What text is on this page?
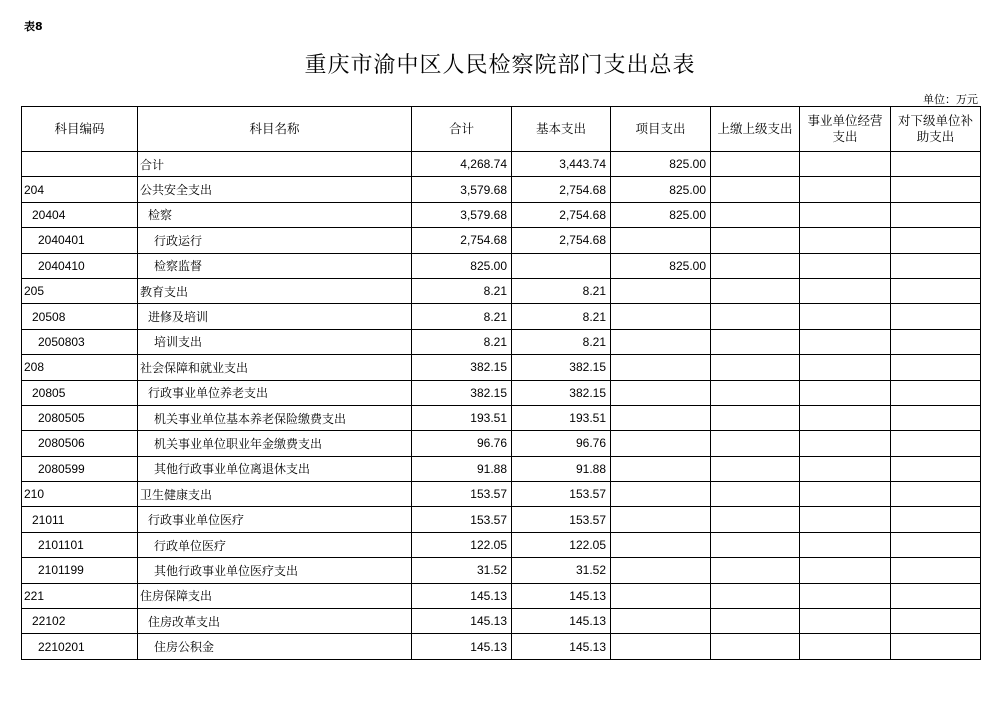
表8
重庆市渝中区人民检察院部门支出总表
单位：万元
科目编码	科目名称	合计	基本支出	项目支出	上缴上级支出	事业单位经营支出	对下级单位补助支出
	合计	4,268.74	3,443.74	825.00			
204	公共安全支出	3,579.68	2,754.68	825.00			
20404	检察	3,579.68	2,754.68	825.00			
2040401	行政运行	2,754.68	2,754.68				
2040410	检察监督	825.00		825.00			
205	教育支出	8.21	8.21				
20508	进修及培训	8.21	8.21				
2050803	培训支出	8.21	8.21				
208	社会保障和就业支出	382.15	382.15				
20805	行政事业单位养老支出	382.15	382.15				
2080505	机关事业单位基本养老保险缴费支出	193.51	193.51				
2080506	机关事业单位职业年金缴费支出	96.76	96.76				
2080599	其他行政事业单位离退休支出	91.88	91.88				
210	卫生健康支出	153.57	153.57				
21011	行政事业单位医疗	153.57	153.57				
2101101	行政单位医疗	122.05	122.05				
2101199	其他行政事业单位医疗支出	31.52	31.52				
221	住房保障支出	145.13	145.13				
22102	住房改革支出	145.13	145.13				
2210201	住房公积金	145.13	145.13				
